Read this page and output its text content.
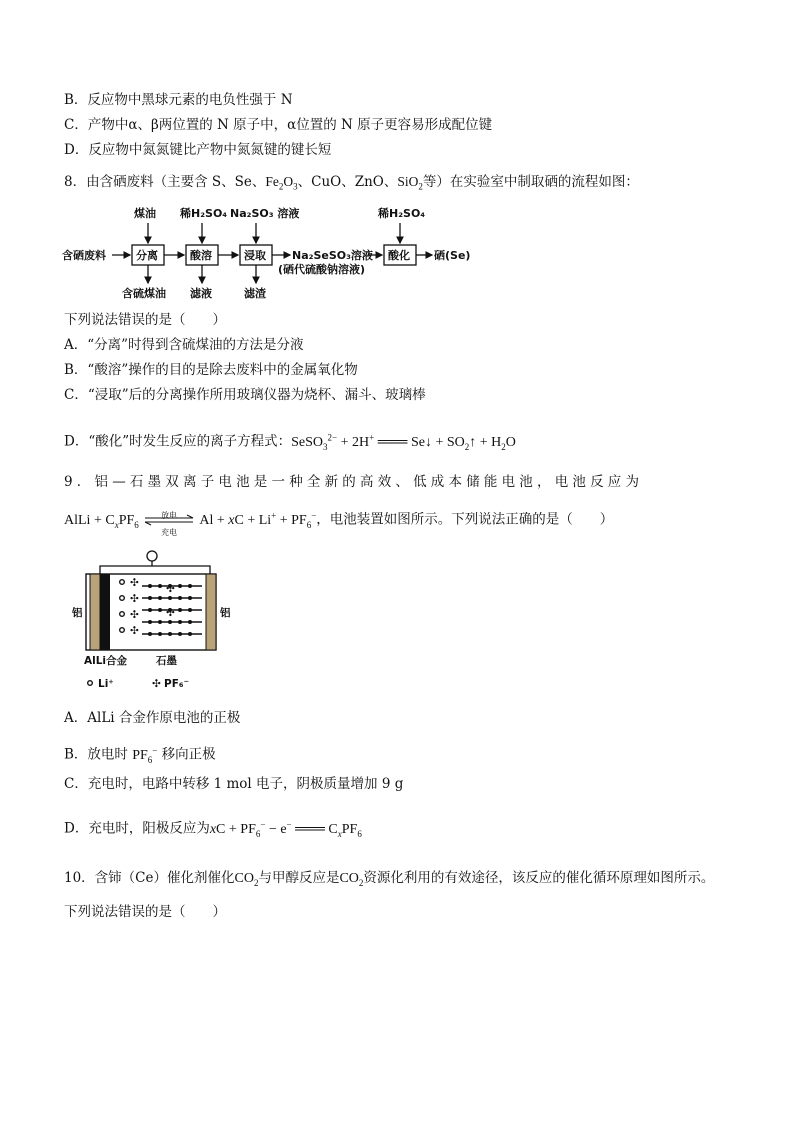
B．反应物中黑球元素的电负性强于 N
C．产物中α、β两位置的 N 原子中，α位置的 N 原子更容易形成配位键
D．反应物中氮氮键比产物中氮氮键的键长短
8．由含硒废料（主要含 S、Se、$Fe_2O_3$、CuO、ZnO、SiO$_2$等）在实验室中制取硒的流程如图：
含硒废料	分离
煤油
含硫煤油
酸溶
稀H₂SO₄
滤液
浸取
Na₂SO₃ 溶液
滤渣
Na₂SeSO₃溶液
(硒代硫酸钠溶液)
酸化
稀H₂SO₄
硒(Se)
下列说法错误的是（　　）
A．“分离”时得到含硫煤油的方法是分液
B．“酸溶”操作的目的是除去废料中的金属氧化物
C．“浸取”后的分离操作所用玻璃仪器为烧杯、漏斗、玻璃棒
D．“酸化”时发生反应的离子方程式：SeSO$_3^{2-}$ + 2H+ ═══ Se↓ + $SO_2↑ + H_2O$
9．铝—石墨双离子电池是一种全新的高效、低成本储能电池，电池反应为
AlLi + $C_xPF_6$
放电
充电
Al + xC + $Li^+ + PF_6^-$，电池装置如图所示。下列说法正确的是（　　）
✣
✣
✣
✣
✣
✣
铝	铝
AlLi合金	石墨
Li⁺	✣ PF₆⁻
A．AlLi 合金作原电池的正极
B．放电时 $PF_6^-$ 移向正极
C．充电时，电路中转移 1 mol 电子，阴极质量增加 9 g
D．充电时，阳极反应为xC + $PF_6^- - e^-$ ═══ $C_xPF_6$
10．含铈（Ce）催化剂催化$CO_2$与甲醇反应是$CO_2$资源化利用的有效途径，该反应的催化循环原理如图所示。
下列说法错误的是（　　）
